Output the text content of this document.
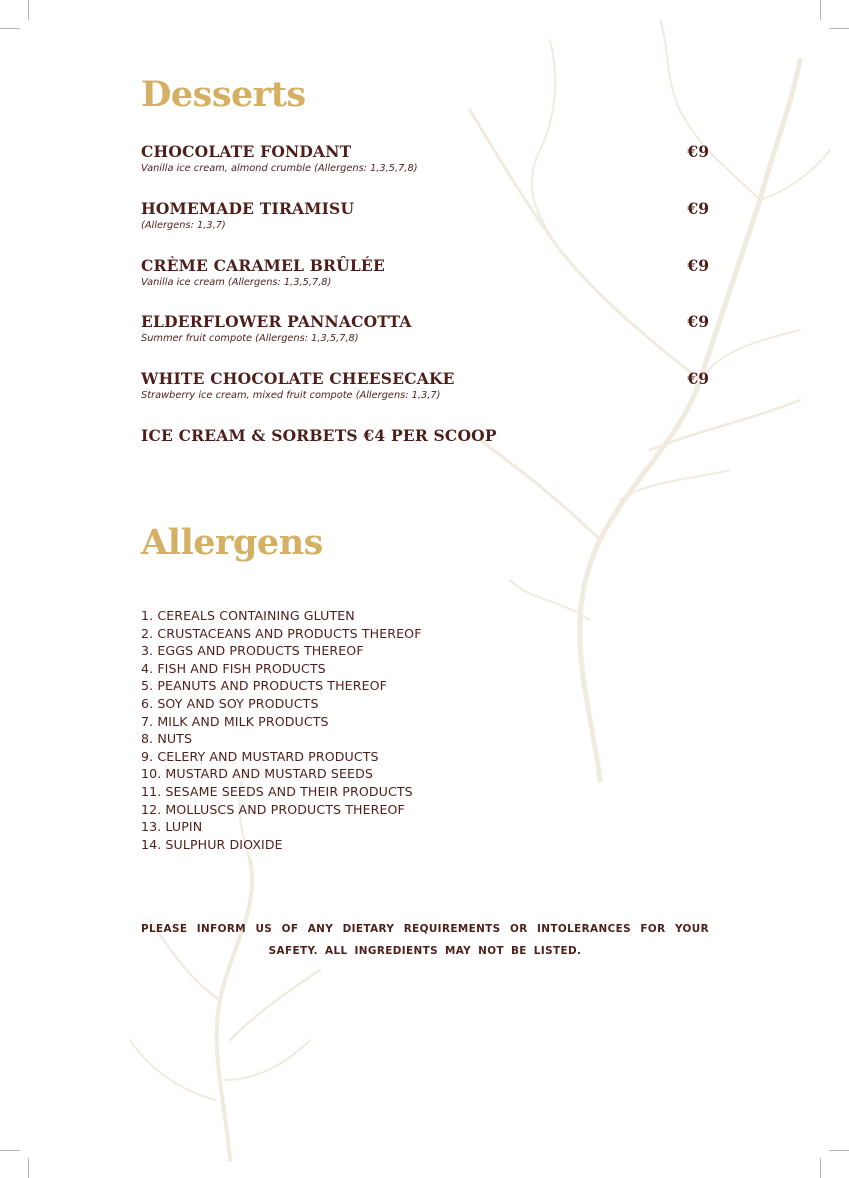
Desserts
CHOCOLATE FONDANT
Vanilla ice cream, almond crumble (Allergens: 1,3,5,7,8)
€9
HOMEMADE TIRAMISU
(Allergens: 1,3,7)
€9
CRÈME CARAMEL BRÛLÉE
Vanilla ice cream (Allergens: 1,3,5,7,8)
€9
ELDERFLOWER PANNACOTTA
Summer fruit compote (Allergens: 1,3,5,7,8)
€9
WHITE CHOCOLATE CHEESECAKE
Strawberry ice cream, mixed fruit compote (Allergens: 1,3,7)
€9
ICE CREAM & SORBETS €4 PER SCOOP
Allergens
1. CEREALS CONTAINING GLUTEN
2. CRUSTACEANS AND PRODUCTS THEREOF
3. EGGS AND PRODUCTS THEREOF
4. FISH AND FISH PRODUCTS
5. PEANUTS AND PRODUCTS THEREOF
6. SOY AND SOY PRODUCTS
7. MILK AND MILK PRODUCTS
8. NUTS
9. CELERY AND MUSTARD PRODUCTS
10. MUSTARD AND MUSTARD SEEDS
11. SESAME SEEDS AND THEIR PRODUCTS
12. MOLLUSCS AND PRODUCTS THEREOF
13. LUPIN
14. SULPHUR DIOXIDE
PLEASE INFORM US OF ANY DIETARY REQUIREMENTS OR INTOLERANCES FOR YOUR SAFETY. ALL INGREDIENTS MAY NOT BE LISTED.
